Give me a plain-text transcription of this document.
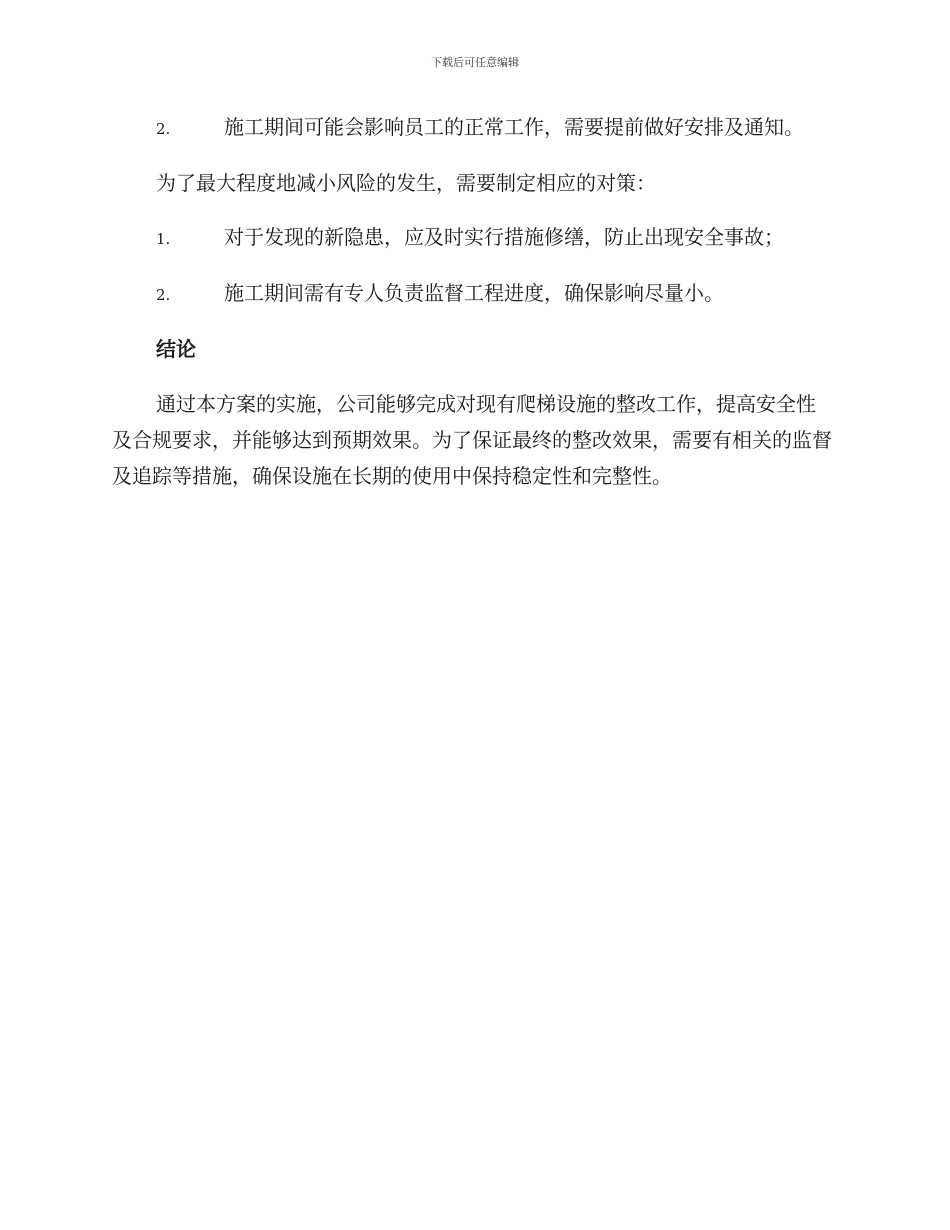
下载后可任意编辑

2.	施工期间可能会影响员工的正常工作，需要提前做好安排及通知。

为了最大程度地减小风险的发生，需要制定相应的对策：

1.	对于发现的新隐患，应及时实行措施修缮，防止出现安全事故；

2.	施工期间需有专人负责监督工程进度，确保影响尽量小。

结论

通过本方案的实施，公司能够完成对现有爬梯设施的整改工作，提高安全性及合规要求，并能够达到预期效果。为了保证最终的整改效果，需要有相关的监督及追踪等措施，确保设施在长期的使用中保持稳定性和完整性。
